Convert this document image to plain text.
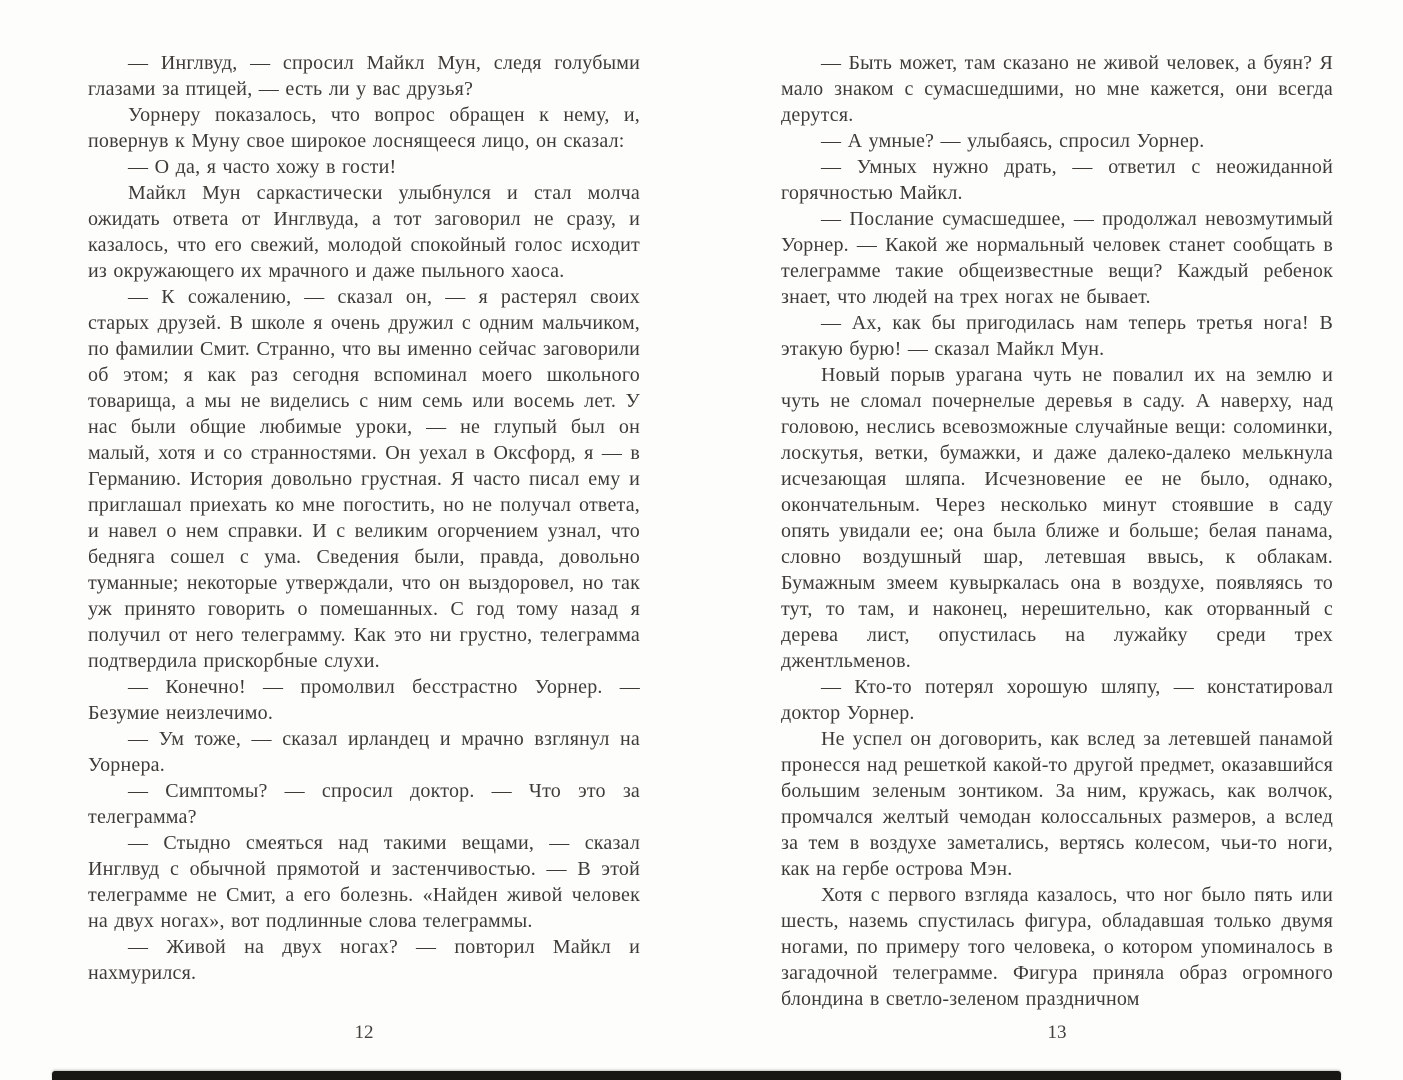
— Инглвуд, — спросил Майкл Мун, следя голубыми глазами за птицей, — есть ли у вас друзья?

Уорнеру показалось, что вопрос обращен к нему, и, повернув к Муну свое широкое лоснящееся лицо, он сказал:

— О да, я часто хожу в гости!

Майкл Мун саркастически улыбнулся и стал молча ожидать ответа от Инглвуда, а тот заговорил не сразу, и казалось, что его свежий, молодой спокойный голос исходит из окружающего их мрачного и даже пыльного хаоса.

— К сожалению, — сказал он, — я растерял своих старых друзей. В школе я очень дружил с одним мальчиком, по фамилии Смит. Странно, что вы именно сейчас заговорили об этом; я как раз сегодня вспоминал моего школьного товарища, а мы не виделись с ним семь или восемь лет. У нас были общие любимые уроки, — не глупый был он малый, хотя и со странностями. Он уехал в Оксфорд, я — в Германию. История довольно грустная. Я часто писал ему и приглашал приехать ко мне погостить, но не получал ответа, и навел о нем справки. И с великим огорчением узнал, что бедняга сошел с ума. Сведения были, правда, довольно туманные; некоторые утверждали, что он выздоровел, но так уж принято говорить о помешанных. С год тому назад я получил от него телеграмму. Как это ни грустно, телеграмма подтвердила прискорбные слухи.

— Конечно! — промолвил бесстрастно Уорнер. — Безумие неизлечимо.

— Ум тоже, — сказал ирландец и мрачно взглянул на Уорнера.

— Симптомы? — спросил доктор. — Что это за телеграмма?

— Стыдно смеяться над такими вещами, — сказал Инглвуд с обычной прямотой и застенчивостью. — В этой телеграмме не Смит, а его болезнь. «Найден живой человек на двух ногах», вот подлинные слова телеграммы.

— Живой на двух ногах? — повторил Майкл и нахмурился.

12

— Быть может, там сказано не живой человек, а буян? Я мало знаком с сумасшедшими, но мне кажется, они всегда дерутся.

— А умные? — улыбаясь, спросил Уорнер.

— Умных нужно драть, — ответил с неожиданной горячностью Майкл.

— Послание сумасшедшее, — продолжал невозмутимый Уорнер. — Какой же нормальный человек станет сообщать в телеграмме такие общеизвестные вещи? Каждый ребенок знает, что людей на трех ногах не бывает.

— Ах, как бы пригодилась нам теперь третья нога! В этакую бурю! — сказал Майкл Мун.

Новый порыв урагана чуть не повалил их на землю и чуть не сломал почернелые деревья в саду. А наверху, над головою, неслись всевозможные случайные вещи: соломинки, лоскутья, ветки, бумажки, и даже далеко-далеко мелькнула исчезающая шляпа. Исчезновение ее не было, однако, окончательным. Через несколько минут стоявшие в саду опять увидали ее; она была ближе и больше; белая панама, словно воздушный шар, летевшая ввысь, к облакам. Бумажным змеем кувыркалась она в воздухе, появляясь то тут, то там, и наконец, нерешительно, как оторванный с дерева лист, опустилась на лужайку среди трех джентльменов.

— Кто-то потерял хорошую шляпу, — констатировал доктор Уорнер.

Не успел он договорить, как вслед за летевшей панамой пронесся над решеткой какой-то другой предмет, оказавшийся большим зеленым зонтиком. За ним, кружась, как волчок, промчался желтый чемодан колоссальных размеров, а вслед за тем в воздухе заметались, вертясь колесом, чьи-то ноги, как на гербе острова Мэн.

Хотя с первого взгляда казалось, что ног было пять или шесть, наземь спустилась фигура, обладавшая только двумя ногами, по примеру того человека, о котором упоминалось в загадочной телеграмме. Фигура приняла образ огромного блондина в светло-зеленом праздничном

13
